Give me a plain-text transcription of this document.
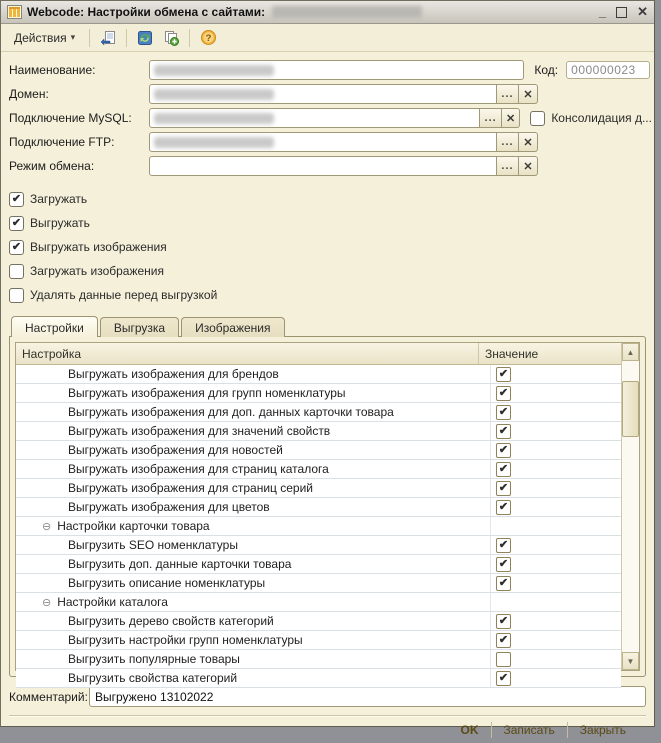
Webcode: Настройки обмена с сайтами:	_ ✕
Действия ▾	?
Наименование:	Код:	000000023
Домен:	... ✕
Подключение MySQL:	... ✕	Консолидация д...
Подключение FTP:	... ✕
Режим обмена:	... ✕
✔ Загружать
✔ Выгружать
✔ Выгружать изображения
Загружать изображения
Удалять данные перед выгрузкой
Настройки	Выгрузка	Изображения
Настройка	Значение
Выгружать изображения для брендов	✔
Выгружать изображения для групп номенклатуры	✔
Выгружать изображения для доп. данных карточки товара	✔
Выгружать изображения для значений свойств	✔
Выгружать изображения для новостей	✔
Выгружать изображения для страниц каталога	✔
Выгружать изображения для страниц серий	✔
Выгружать изображения для цветов	✔
⊖ Настройки карточки товара
Выгрузить SEO номенклатуры	✔
Выгрузить доп. данные карточки товара	✔
Выгрузить описание номенклатуры	✔
⊖ Настройки каталога
Выгрузить дерево свойств категорий	✔
Выгрузить настройки групп номенклатуры	✔
Выгрузить популярные товары
Выгрузить свойства категорий	✔
▲
▼
Комментарий: Выгружено 13102022
OK	Записать	Закрыть
